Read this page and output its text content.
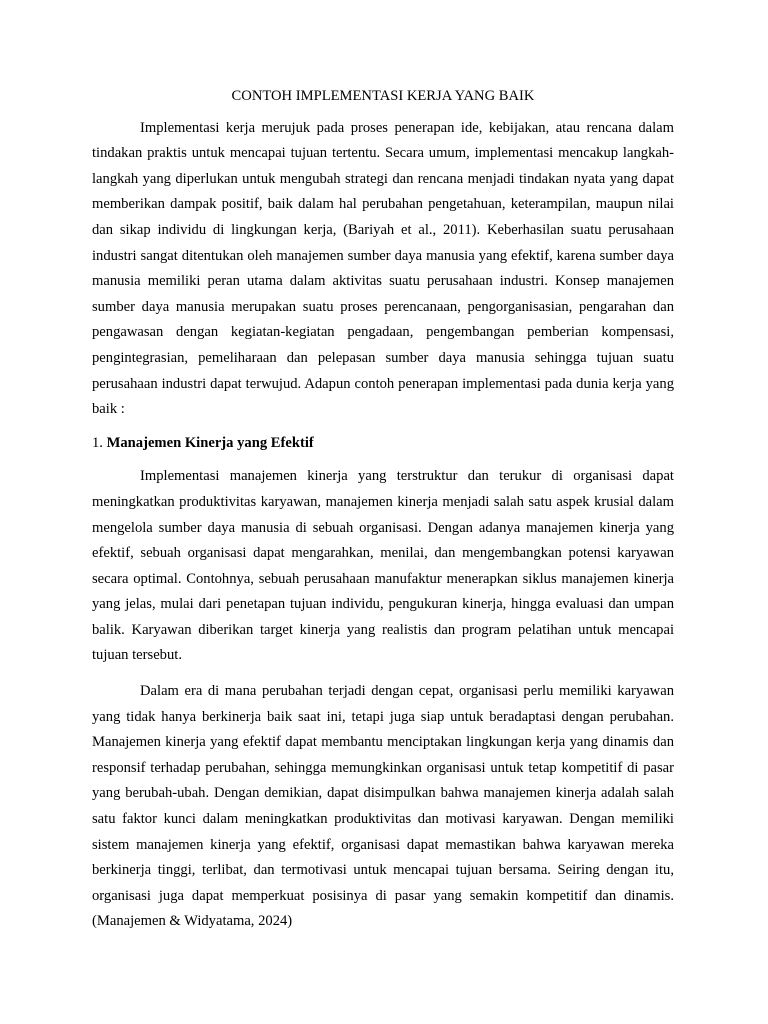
CONTOH IMPLEMENTASI KERJA YANG BAIK

Implementasi kerja merujuk pada proses penerapan ide, kebijakan, atau rencana dalam tindakan praktis untuk mencapai tujuan tertentu. Secara umum, implementasi mencakup langkah-langkah yang diperlukan untuk mengubah strategi dan rencana menjadi tindakan nyata yang dapat memberikan dampak positif, baik dalam hal perubahan pengetahuan, keterampilan, maupun nilai dan sikap individu di lingkungan kerja, (Bariyah et al., 2011). Keberhasilan suatu perusahaan industri sangat ditentukan oleh manajemen sumber daya manusia yang efektif, karena sumber daya manusia memiliki peran utama dalam aktivitas suatu perusahaan industri. Konsep manajemen sumber daya manusia merupakan suatu proses perencanaan, pengorganisasian, pengarahan dan pengawasan dengan kegiatan-kegiatan pengadaan, pengembangan pemberian kompensasi, pengintegrasian, pemeliharaan dan pelepasan sumber daya manusia sehingga tujuan suatu perusahaan industri dapat terwujud. Adapun contoh penerapan implementasi pada dunia kerja yang baik :

1. Manajemen Kinerja yang Efektif

Implementasi manajemen kinerja yang terstruktur dan terukur di organisasi dapat meningkatkan produktivitas karyawan, manajemen kinerja menjadi salah satu aspek krusial dalam mengelola sumber daya manusia di sebuah organisasi. Dengan adanya manajemen kinerja yang efektif, sebuah organisasi dapat mengarahkan, menilai, dan mengembangkan potensi karyawan secara optimal. Contohnya, sebuah perusahaan manufaktur menerapkan siklus manajemen kinerja yang jelas, mulai dari penetapan tujuan individu, pengukuran kinerja, hingga evaluasi dan umpan balik. Karyawan diberikan target kinerja yang realistis dan program pelatihan untuk mencapai tujuan tersebut.

Dalam era di mana perubahan terjadi dengan cepat, organisasi perlu memiliki karyawan yang tidak hanya berkinerja baik saat ini, tetapi juga siap untuk beradaptasi dengan perubahan. Manajemen kinerja yang efektif dapat membantu menciptakan lingkungan kerja yang dinamis dan responsif terhadap perubahan, sehingga memungkinkan organisasi untuk tetap kompetitif di pasar yang berubah-ubah. Dengan demikian, dapat disimpulkan bahwa manajemen kinerja adalah salah satu faktor kunci dalam meningkatkan produktivitas dan motivasi karyawan. Dengan memiliki sistem manajemen kinerja yang efektif, organisasi dapat memastikan bahwa karyawan mereka berkinerja tinggi, terlibat, dan termotivasi untuk mencapai tujuan bersama. Seiring dengan itu, organisasi juga dapat memperkuat posisinya di pasar yang semakin kompetitif dan dinamis.(Manajemen & Widyatama, 2024)
